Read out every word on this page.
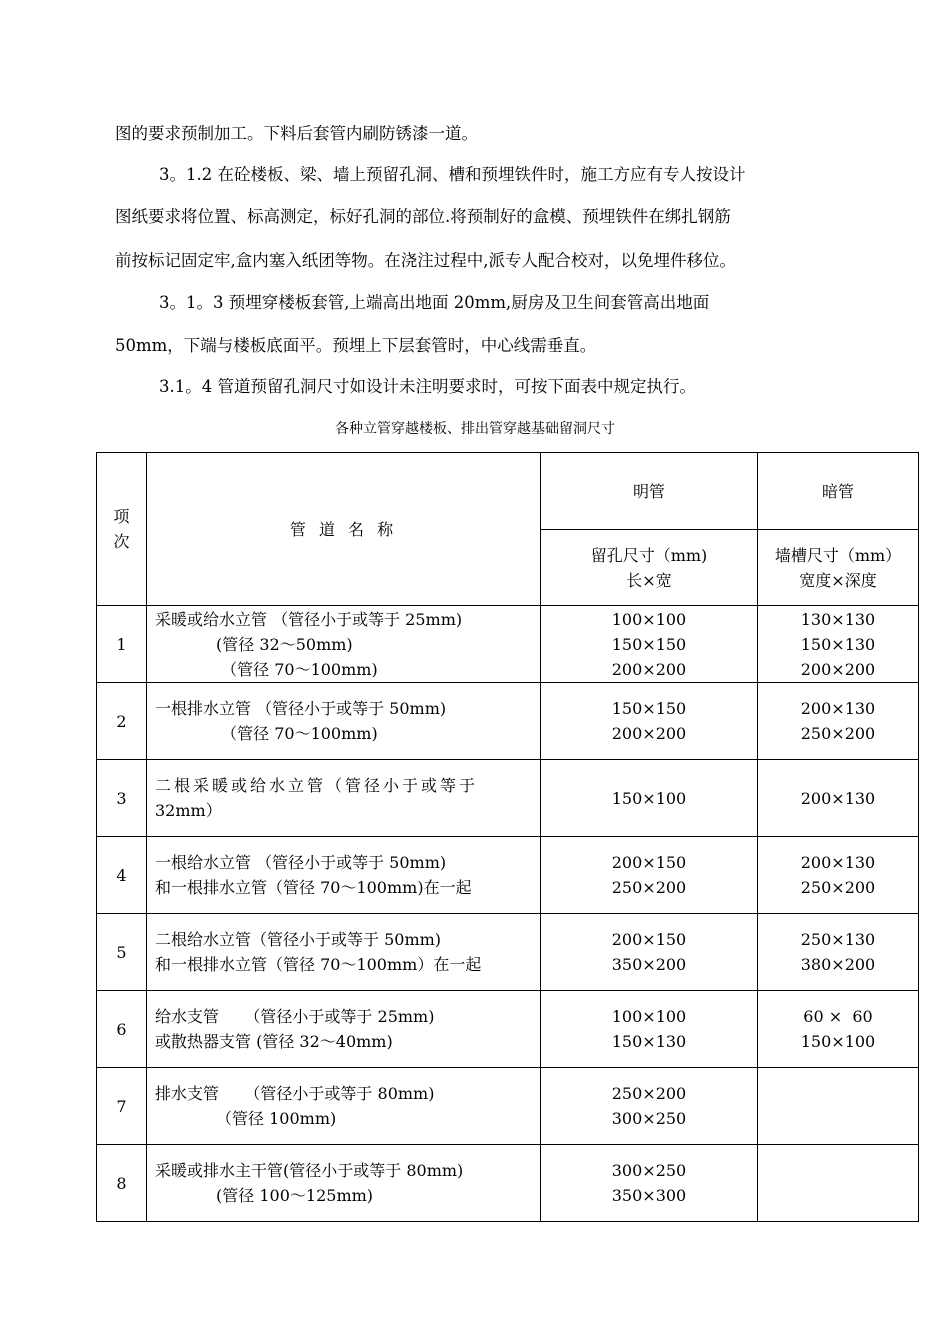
图的要求预制加工。下料后套管内刷防锈漆一道。

3。1.2 在砼楼板、梁、墙上预留孔洞、槽和预埋铁件时，施工方应有专人按设计

图纸要求将位置、标高测定，标好孔洞的部位.将预制好的盒模、预埋铁件在绑扎钢筋

前按标记固定牢,盒内塞入纸团等物。在浇注过程中,派专人配合校对，以免埋件移位。

3。1。3 预埋穿楼板套管,上端高出地面 20mm,厨房及卫生间套管高出地面

50mm，下端与楼板底面平。预埋上下层套管时，中心线需垂直。

3.1。4 管道预留孔洞尺寸如设计未注明要求时，可按下面表中规定执行。

各种立管穿越楼板、排出管穿越基础留洞尺寸
项次	管 道 名 称	明管	暗管

		留孔尺寸（mm)
长×宽	墙槽尺寸（mm）
宽度×深度

1	采暖或给水立管 （管径小于或等于 25mm)
(管径 32～50mm)
（管径 70～100mm)	100×100
150×150
200×200	130×130
150×130
200×200

2	一根排水立管 （管径小于或等于 50mm)
（管径 70～100mm)	150×150
200×200	200×130
250×200

3	二根采暖或给水立管（管径小于或等于
32mm）	150×100	200×130

4	一根给水立管 （管径小于或等于 50mm)
和一根排水立管（管径 70～100mm)在一起	200×150
250×200	200×130
250×200

5	二根给水立管（管径小于或等于 50mm)
和一根排水立管（管径 70～100mm）在一起	200×150
350×200	250×130
380×200

6	给水支管     （管径小于或等于 25mm)
或散热器支管 (管径 32～40mm)	100×100
150×130	60 ×  60
150×100

7	排水支管     （管径小于或等于 80mm)
（管径 100mm)	250×200
300×250	

8	采暖或排水主干管(管径小于或等于 80mm)
(管径 100～125mm)	300×250
350×300	
